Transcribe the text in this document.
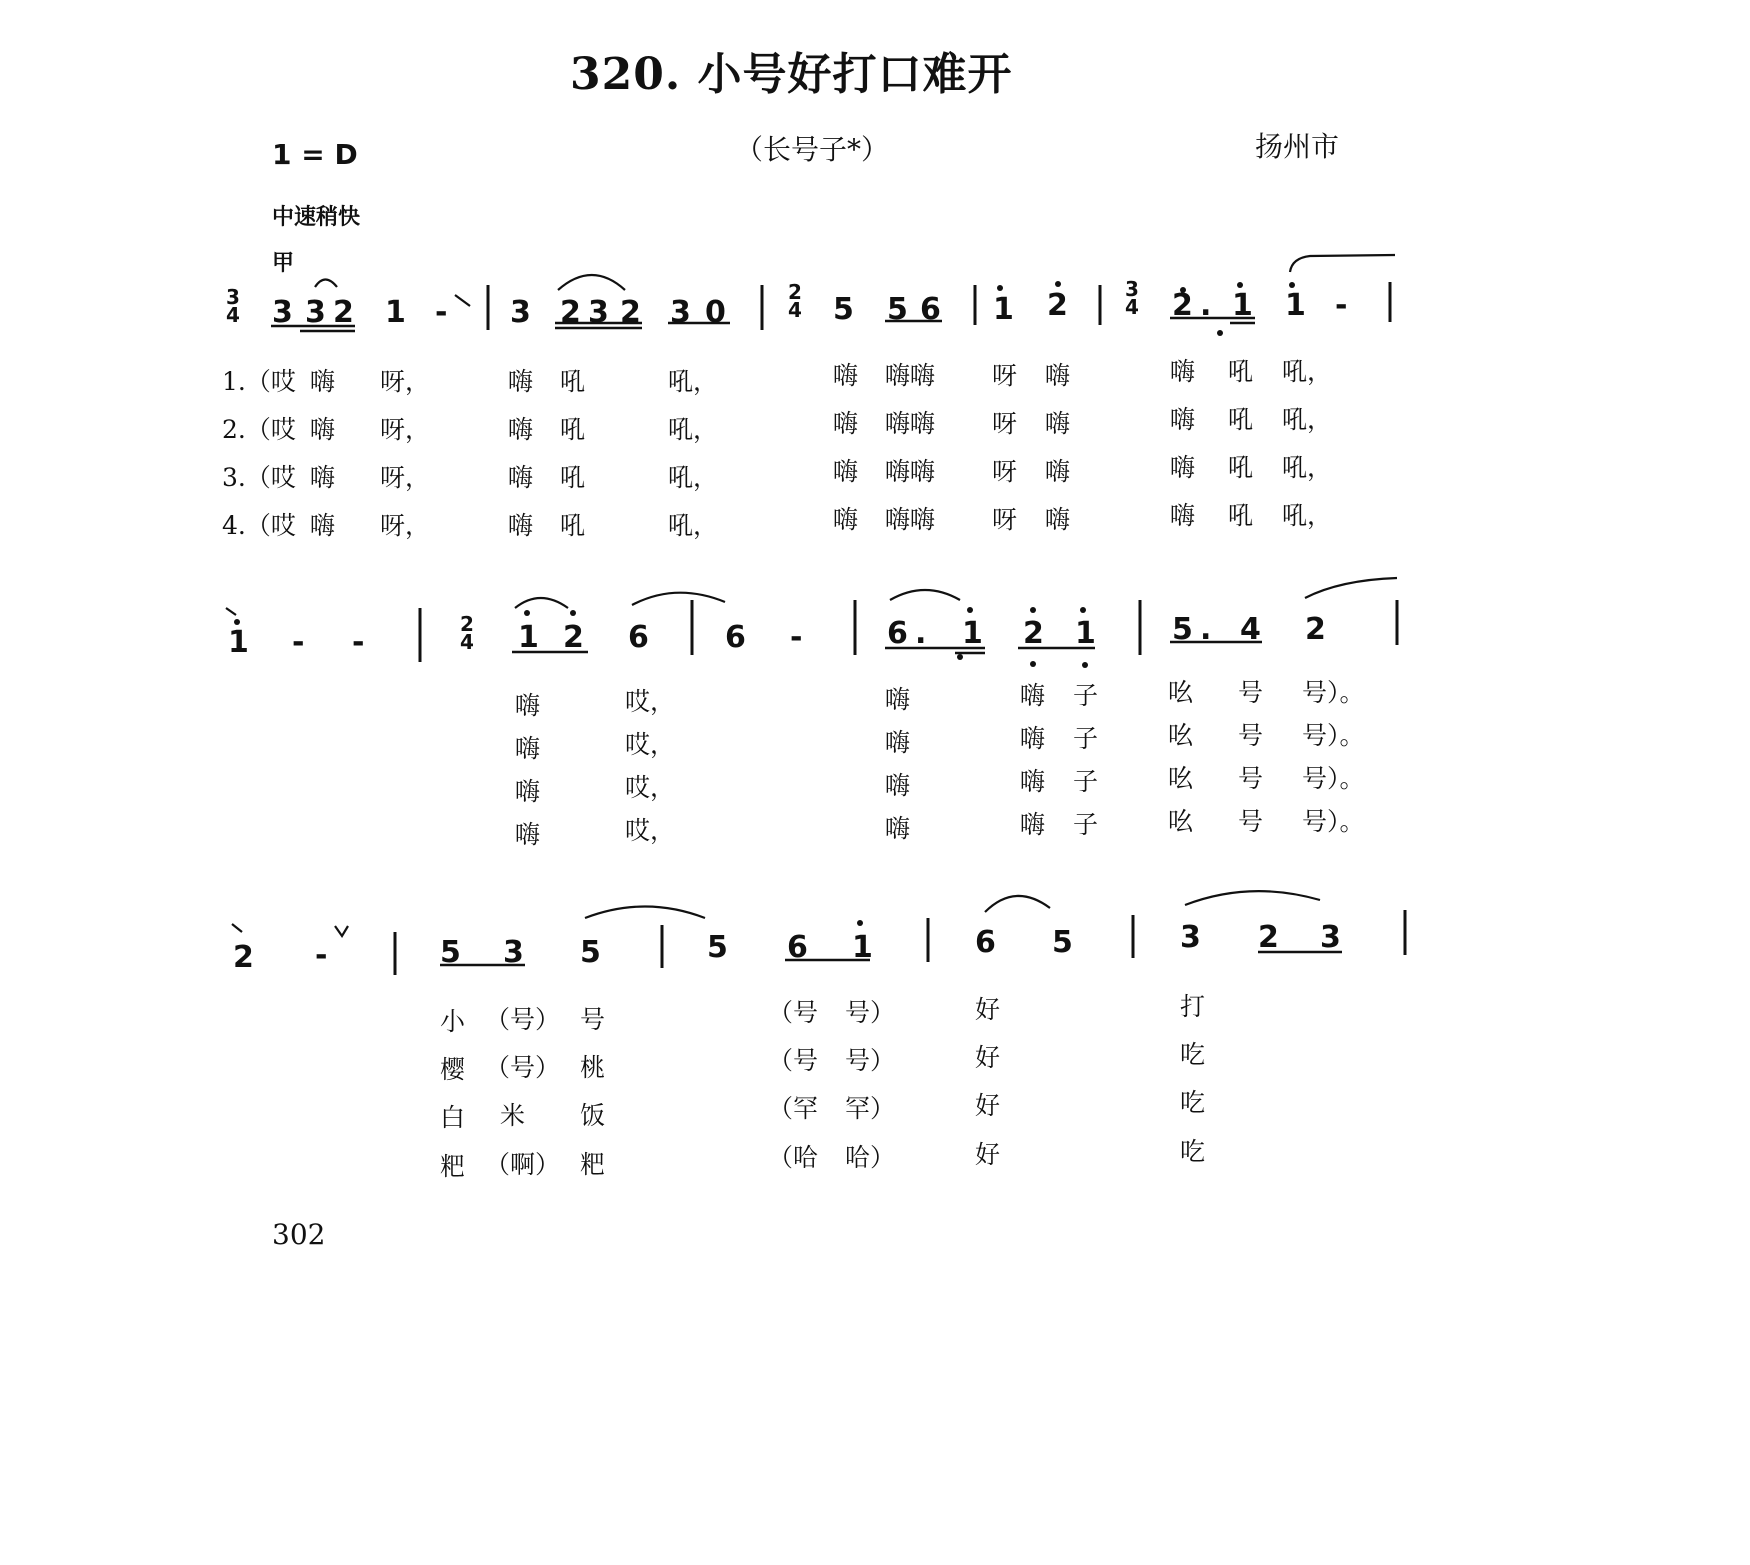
320. 小号好打口难开
（长号子*）	扬州市
1 = D
中速稍快
甲
3
4 3 3 2 1 - 3 2 3 2 3 0
2
4 5 5 6 1 2	3
4 2 . 1 1 -
1.（哎 嗨 呀，	嗨 吼	吼，	嗨 嗨嗨 呀 嗨	嗨 吼 吼，
2.（哎 嗨 呀，	嗨 吼	吼，	嗨 嗨嗨 呀 嗨	嗨 吼 吼，
3.（哎 嗨 呀，	嗨 吼	吼，	嗨 嗨嗨 呀 嗨	嗨 吼 吼，
4.（哎 嗨 呀，	嗨 吼	吼，	嗨 嗨嗨 呀 嗨	嗨 吼 吼，
1 - -
2
4 1 2 6	6 -	6 . 1 2 1	5 . 4 2
嗨	哎，	嗨	嗨 子	吆 号 号）。
嗨	哎，	嗨	嗨 子	吆 号 号）。
嗨	哎，	嗨	嗨 子	吆 号 号）。
嗨	哎，	嗨	嗨 子	吆 号 号）。
2 -	5 3 5	5 6 1	6 5	3 2 3
小 （号） 号	（号 号）	好	打
樱 （号） 桃	（号 号）	好	吃
白 米 饭	（罕 罕）	好	吃
粑 （啊） 粑	（哈 哈）	好	吃
302
